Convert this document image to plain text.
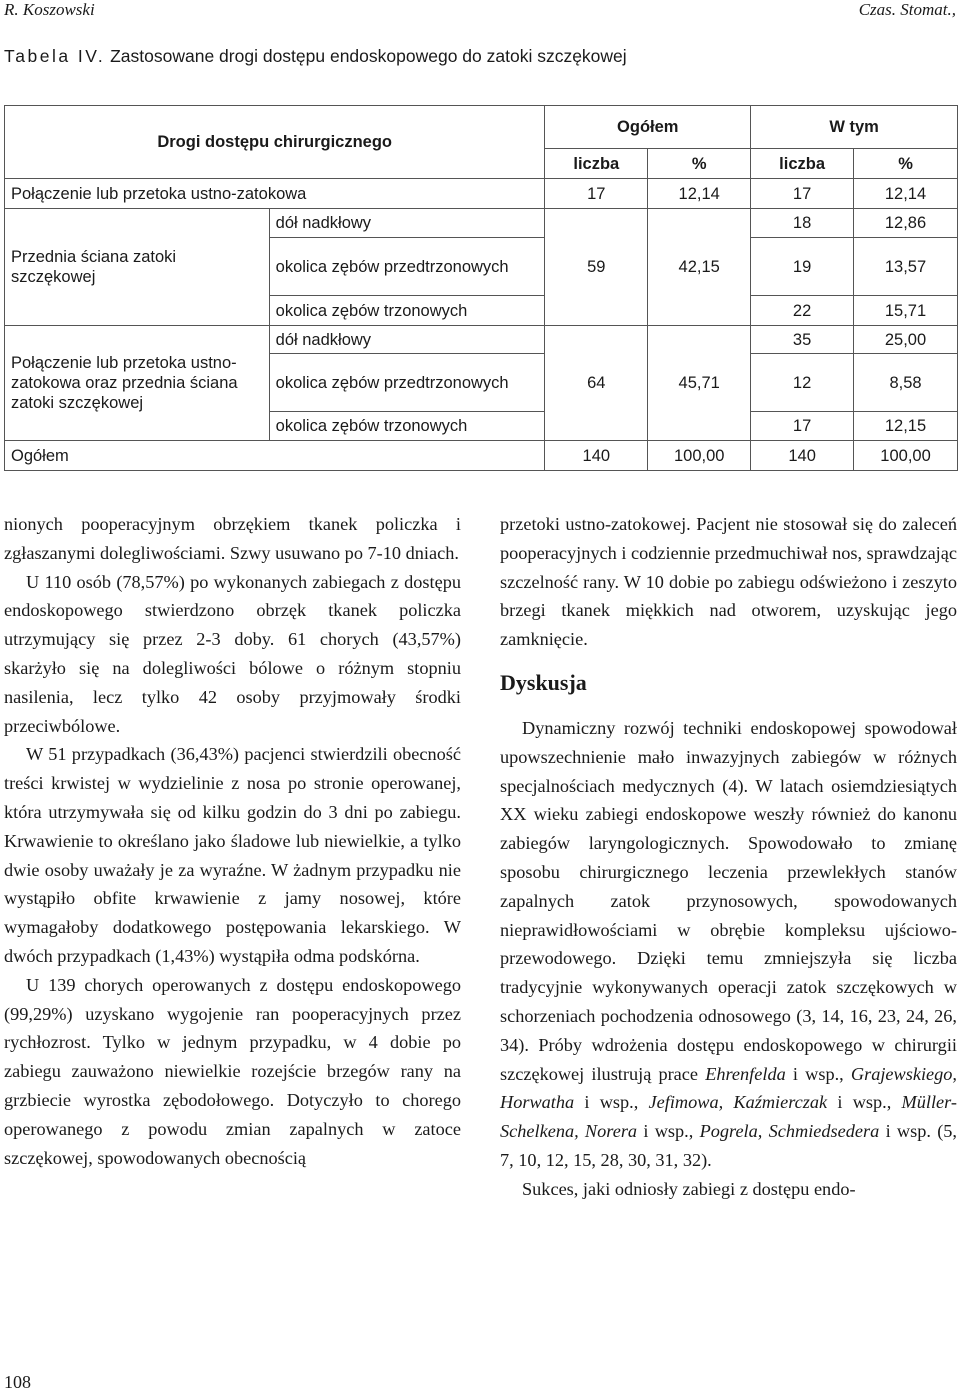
R. Koszowski	Czas. Stomat.,
Tabela IV. Zastosowane drogi dostępu endoskopowego do zatoki szczękowej
Drogi dostępu chirurgicznego		Ogółem		W tym	
		liczba	%	liczba	%
Połączenie lub przetoka ustno-zatokowa		17	12,14	17	12,14
Przednia ściana zatoki szczękowej	dół nadkłowy	59	42,15	18	12,86
	okolica zębów przedtrzonowych			19	13,57
	okolica zębów trzonowych			22	15,71
Połączenie lub przetoka ustno-zatokowa oraz przednia ściana zatoki szczękowej	dół nadkłowy	64	45,71	35	25,00
	okolica zębów przedtrzonowych			12	8,58
	okolica zębów trzonowych			17	12,15
Ogółem		140	100,00	140	100,00

nionych pooperacyjnym obrzękiem tkanek policzka i zgłaszanymi dolegliwościami. Szwy usuwano po 7-10 dniach.

U 110 osób (78,57%) po wykonanych zabiegach z dostępu endoskopowego stwierdzono obrzęk tkanek policzka utrzymujący się przez 2-3 doby. 61 chorych (43,57%) skarżyło się na dolegliwości bólowe o różnym stopniu nasilenia, lecz tylko 42 osoby przyjmowały środki przeciwbólowe.

W 51 przypadkach (36,43%) pacjenci stwierdzili obecność treści krwistej w wydzielinie z nosa po stronie operowanej, która utrzymywała się od kilku godzin do 3 dni po zabiegu. Krwawienie to określano jako śladowe lub niewielkie, a tylko dwie osoby uważały je za wyraźne. W żadnym przypadku nie wystąpiło obfite krwawienie z jamy nosowej, które wymagałoby dodatkowego postępowania lekarskiego. W dwóch przypadkach (1,43%) wystąpiła odma podskórna.

U 139 chorych operowanych z dostępu endoskopowego (99,29%) uzyskano wygojenie ran pooperacyjnych przez rychłozrost. Tylko w jednym przypadku, w 4 dobie po zabiegu zauważono niewielkie rozejście brzegów rany na grzbiecie wyrostka zębodołowego. Dotyczyło to chorego operowanego z powodu zmian zapalnych w zatoce szczękowej, spowodowanych obecnością

przetoki ustno-zatokowej. Pacjent nie stosował się do zaleceń pooperacyjnych i codziennie przedmuchiwał nos, sprawdzając szczelność rany. W 10 dobie po zabiegu odświeżono i zeszyto brzegi tkanek miękkich nad otworem, uzyskując jego zamknięcie.

Dyskusja

Dynamiczny rozwój techniki endoskopowej spowodował upowszechnienie mało inwazyjnych zabiegów w różnych specjalnościach medycznych (4). W latach osiemdziesiątych XX wieku zabiegi endoskopowe weszły również do kanonu zabiegów laryngologicznych. Spowodowało to zmianę sposobu chirurgicznego leczenia przewlekłych stanów zapalnych zatok przynosowych, spowodowanych nieprawidłowościami w obrębie kompleksu ujściowo-przewodowego. Dzięki temu zmniejszyła się liczba tradycyjnie wykonywanych operacji zatok szczękowych w schorzeniach pochodzenia odnosowego (3, 14, 16, 23, 24, 26, 34). Próby wdrożenia dostępu endoskopowego w chirurgii szczękowej ilustrują prace Ehrenfelda i wsp., Grajewskiego, Horwatha i wsp., Jefimowa, Kaźmierczak i wsp., Müller-Schelkena, Norera i wsp., Pogrela, Schmiedsedera i wsp. (5, 7, 10, 12, 15, 28, 30, 31, 32).

Sukces, jaki odniosły zabiegi z dostępu endo-

108
